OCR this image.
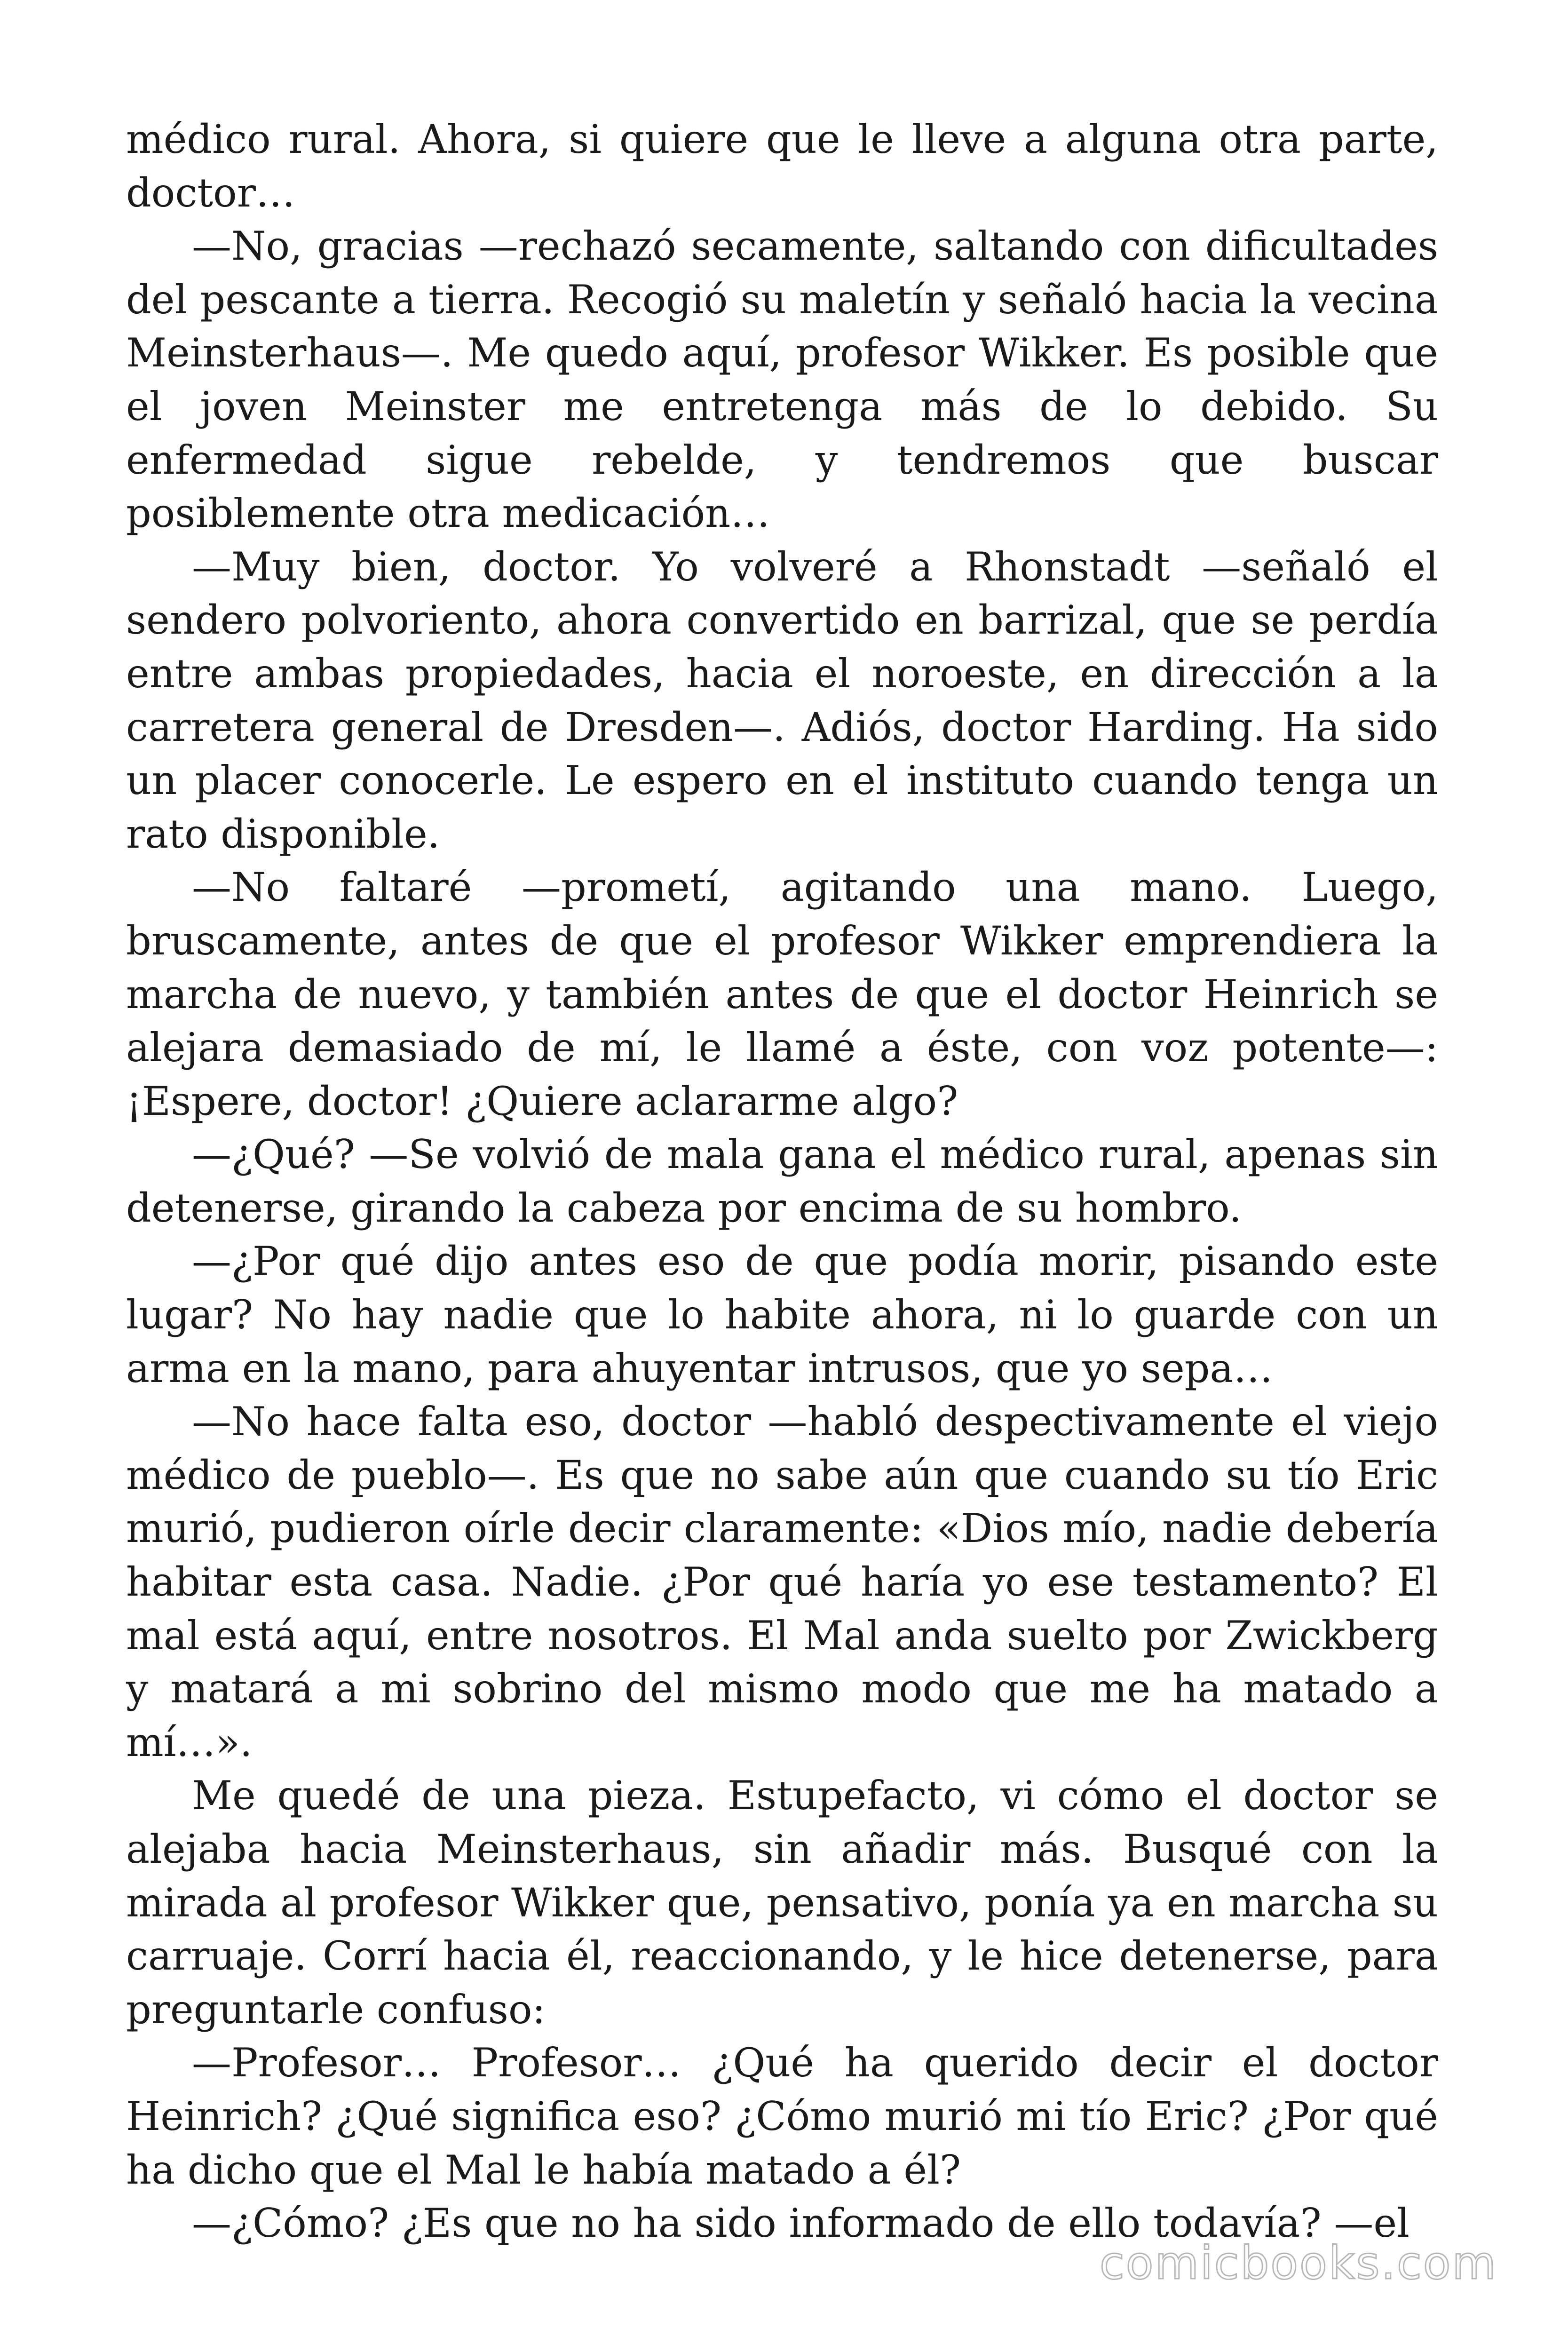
médico rural. Ahora, si quiere que le lleve a alguna otra parte, doctor…

—No, gracias —rechazó secamente, saltando con dificultades del pescante a tierra. Recogió su maletín y señaló hacia la vecina Meinsterhaus—. Me quedo aquí, profesor Wikker. Es posible que el joven Meinster me entretenga más de lo debido. Su enfermedad sigue rebelde, y tendremos que buscar posiblemente otra medicación…

—Muy bien, doctor. Yo volveré a Rhonstadt —señaló el sendero polvoriento, ahora convertido en barrizal, que se perdía entre ambas propiedades, hacia el noroeste, en dirección a la carretera general de Dresden—. Adiós, doctor Harding. Ha sido un placer conocerle. Le espero en el instituto cuando tenga un rato disponible.

—No faltaré —prometí, agitando una mano. Luego, bruscamente, antes de que el profesor Wikker emprendiera la marcha de nuevo, y también antes de que el doctor Heinrich se alejara demasiado de mí, le llamé a éste, con voz potente—: ¡Espere, doctor! ¿Quiere aclararme algo?

—¿Qué? —Se volvió de mala gana el médico rural, apenas sin detenerse, girando la cabeza por encima de su hombro.

—¿Por qué dijo antes eso de que podía morir, pisando este lugar? No hay nadie que lo habite ahora, ni lo guarde con un arma en la mano, para ahuyentar intrusos, que yo sepa…

—No hace falta eso, doctor —habló despectivamente el viejo médico de pueblo—. Es que no sabe aún que cuando su tío Eric murió, pudieron oírle decir claramente: «Dios mío, nadie debería habitar esta casa. Nadie. ¿Por qué haría yo ese testamento? El mal está aquí, entre nosotros. El Mal anda suelto por Zwickberg y matará a mi sobrino del mismo modo que me ha matado a mí…».

Me quedé de una pieza. Estupefacto, vi cómo el doctor se alejaba hacia Meinsterhaus, sin añadir más. Busqué con la mirada al profesor Wikker que, pensativo, ponía ya en marcha su carruaje. Corrí hacia él, reaccionando, y le hice detenerse, para preguntarle confuso:

—Profesor… Profesor… ¿Qué ha querido decir el doctor Heinrich? ¿Qué significa eso? ¿Cómo murió mi tío Eric? ¿Por qué ha dicho que el Mal le había matado a él?

—¿Cómo? ¿Es que no ha sido informado de ello todavía? —el

comicbooks.com
